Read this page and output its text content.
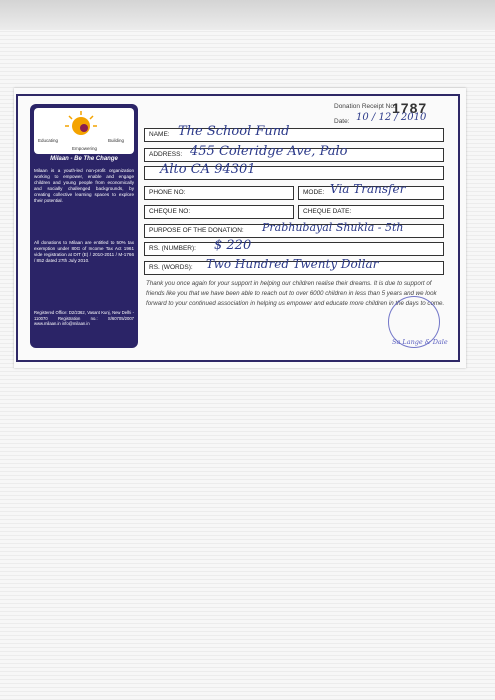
Educating
Empowering
Building
Milaan - Be The Change
Milaan is a youth-led non-profit organization working to empower, enable and engage children and young people from economically and socially challenged backgrounds, by creating collective learning spaces to explore their potential.
All donations to Milaan are entitled to 50% tax exemption under 80G of Income Tax Act 1961 vide registration at DIT (E) / 2010-2011 / M-1766 / 852 dated 27th July 2010.
Registered Office: D2/2362, Vasant Kunj, New Delhi - 110070 Registration no.: S/60705/2007 www.milaan.in info@milaan.in
Donation Receipt No.
1787
Date: 10 / 12 / 2010
NAME: The School Fund
ADDRESS: 455 Coleridge Ave, Palo
Alto CA 94301
PHONE NO:	MODE: Via Transfer
CHEQUE NO:	CHEQUE DATE:
PURPOSE OF THE DONATION: Prabhubayal Shukla - 5th
RS. (NUMBER): $ 220
RS. (WORDS): Two Hundred Twenty Dollar
Thank you once again for your support in helping our children realise their dreams. It is due to support of friends like you that we have been able to reach out to over 6000 children in less than 5 years and we look forward to your continued association in helping us empower and educate more children in the days to come.
Sa Lange & Dale
